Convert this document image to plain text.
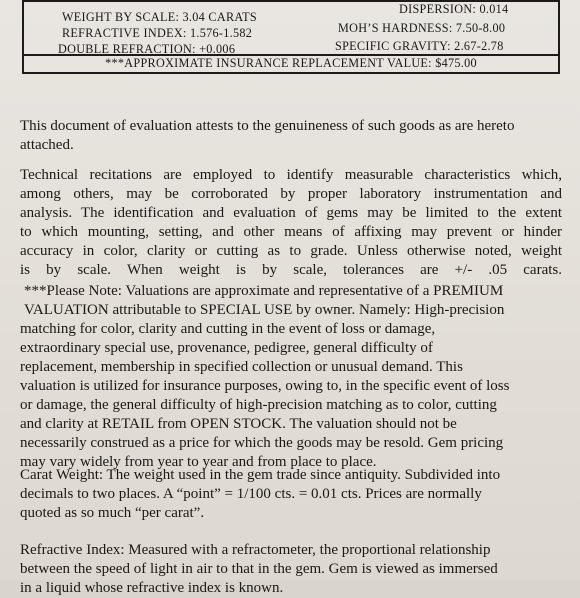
WEIGHT BY SCALE: 3.04 CARATS
DISPERSION: 0.014
REFRACTIVE INDEX: 1.576-1.582	MOH’S HARDNESS: 7.50-8.00
DOUBLE REFRACTION: +0.006	SPECIFIC GRAVITY: 2.67-2.78
***APPROXIMATE INSURANCE REPLACEMENT VALUE: $475.00
This document of evaluation attests to the genuineness of such goods as are hereto
attached.
Technical recitations are employed to identify measurable characteristics which,
among others, may be corroborated by proper laboratory instrumentation and
analysis. The identification and evaluation of gems may be limited to the extent
to which mounting, setting, and other means of affixing may prevent or hinder
accuracy in color, clarity or cutting as to grade. Unless otherwise noted, weight
is by scale. When weight is by scale, tolerances are +/- .05 carats.
***Please Note: Valuations are approximate and representative of a PREMIUM
VALUATION attributable to SPECIAL USE by owner. Namely: High-precision
matching for color, clarity and cutting in the event of loss or damage,
extraordinary special use, provenance, pedigree, general difficulty of
replacement, membership in specified collection or unusual demand. This
valuation is utilized for insurance purposes, owing to, in the specific event of loss
or damage, the general difficulty of high-precision matching as to color, cutting
and clarity at RETAIL from OPEN STOCK. The valuation should not be
necessarily construed as a price for which the goods may be resold. Gem pricing
may vary widely from year to year and from place to place.
Carat Weight: The weight used in the gem trade since antiquity. Subdivided into
decimals to two places. A “point” = 1/100 cts. = 0.01 cts. Prices are normally
quoted as so much “per carat”.
Refractive Index: Measured with a refractometer, the proportional relationship
between the speed of light in air to that in the gem. Gem is viewed as immersed
in a liquid whose refractive index is known.
